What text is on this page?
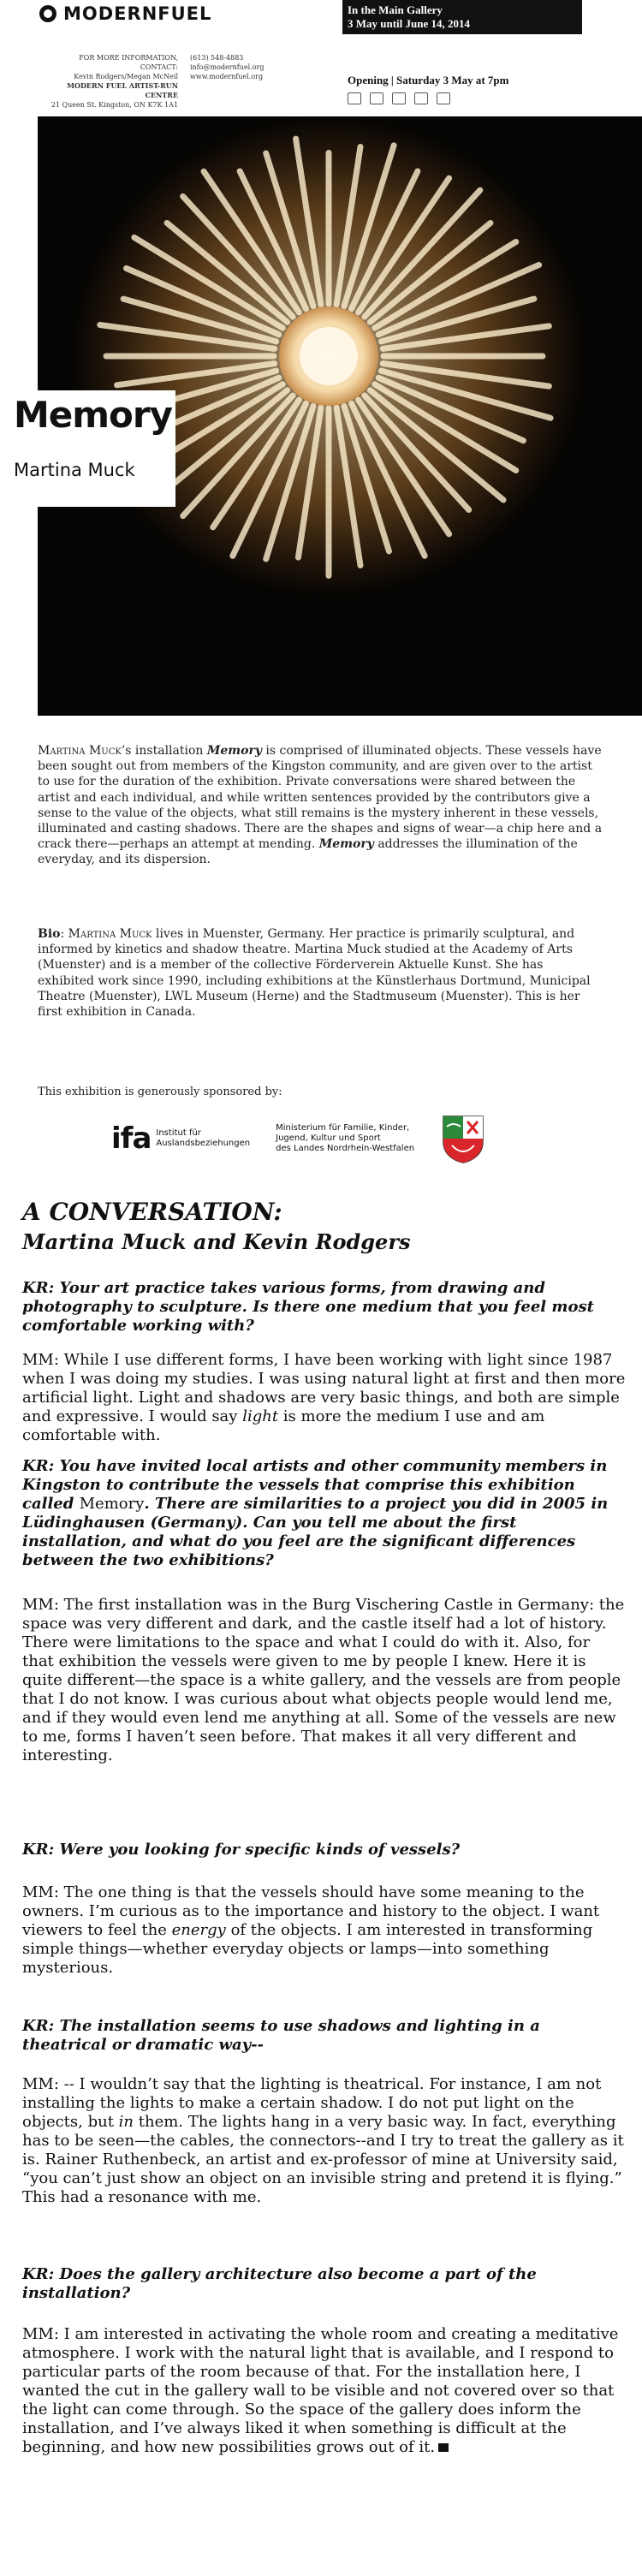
MODERNFUEL
FOR MORE INFORMATION, CONTACT:
Kevin Rodgers/Megan McNeil
MODERN FUEL ARTIST-RUN CENTRE
21 Queen St. Kingston, ON K7K 1A1
(613) 548-4883
info@modernfuel.org
www.modernfuel.org
In the Main Gallery
3 May until June 14, 2014
Opening | Saturday 3 May at 7pm
Memory
Martina Muck

Martina Muck’s installation Memory is comprised of illuminated objects. These vessels have been sought out from members of the Kingston community, and are given over to the artist to use for the duration of the exhibition. Private conversations were shared between the artist and each individual, and while written sentences provided by the contributors give a sense to the value of the objects, what still remains is the mystery inherent in these vessels, illuminated and casting shadows. There are the shapes and signs of wear—a chip here and a crack there—perhaps an attempt at mending. Memory addresses the illumination of the everyday, and its dispersion.

Bio: Martina Muck lives in Muenster, Germany. Her practice is primarily sculptural, and informed by kinetics and shadow theatre. Martina Muck studied at the Academy of Arts (Muenster) and is a member of the collective Förderverein Aktuelle Kunst. She has exhibited work since 1990, including exhibitions at the Künstlerhaus Dortmund, Municipal Theatre (Muenster), LWL Museum (Herne) and the Stadtmuseum (Muenster). This is her first exhibition in Canada.

This exhibition is generously sponsored by:
ifa Institut für
Auslandsbeziehungen
Ministerium für Familie, Kinder,
Jugend, Kultur und Sport
des Landes Nordrhein-Westfalen
A CONVERSATION:
Martina Muck and Kevin Rodgers

KR: Your art practice takes various forms, from drawing and photography to sculpture. Is there one medium that you feel most comfortable working with?

MM: While I use different forms, I have been working with light since 1987 when I was doing my studies. I was using natural light at first and then more artificial light. Light and shadows are very basic things, and both are simple and expressive. I would say light is more the medium I use and am comfortable with.

KR: You have invited local artists and other community members in Kingston to contribute the vessels that comprise this exhibition called Memory. There are similarities to a project you did in 2005 in Lüdinghausen (Germany). Can you tell me about the first installation, and what do you feel are the significant differences between the two exhibitions?

MM: The first installation was in the Burg Vischering Castle in Germany: the space was very different and dark, and the castle itself had a lot of history. There were limitations to the space and what I could do with it. Also, for that exhibition the vessels were given to me by people I knew. Here it is quite different—the space is a white gallery, and the vessels are from people that I do not know. I was curious about what objects people would lend me, and if they would even lend me anything at all. Some of the vessels are new to me, forms I haven’t seen before. That makes it all very different and interesting.

KR: Were you looking for specific kinds of vessels?

MM: The one thing is that the vessels should have some meaning to the owners. I’m curious as to the importance and history to the object. I want viewers to feel the energy of the objects. I am interested in transforming simple things—whether everyday objects or lamps—into something mysterious.

KR: The installation seems to use shadows and lighting in a theatrical or dramatic way--

MM: -- I wouldn’t say that the lighting is theatrical. For instance, I am not installing the lights to make a certain shadow. I do not put light on the objects, but in them. The lights hang in a very basic way. In fact, everything has to be seen—the cables, the connectors--and I try to treat the gallery as it is. Rainer Ruthenbeck, an artist and ex-professor of mine at University said, “you can’t just show an object on an invisible string and pretend it is flying.” This had a resonance with me.

KR: Does the gallery architecture also become a part of the installation?

MM: I am interested in activating the whole room and creating a meditative atmosphere. I work with the natural light that is available, and I respond to particular parts of the room because of that. For the installation here, I wanted the cut in the gallery wall to be visible and not covered over so that the light can come through. So the space of the gallery does inform the installation, and I’ve always liked it when something is difficult at the beginning, and how new possibilities grows out of it.
